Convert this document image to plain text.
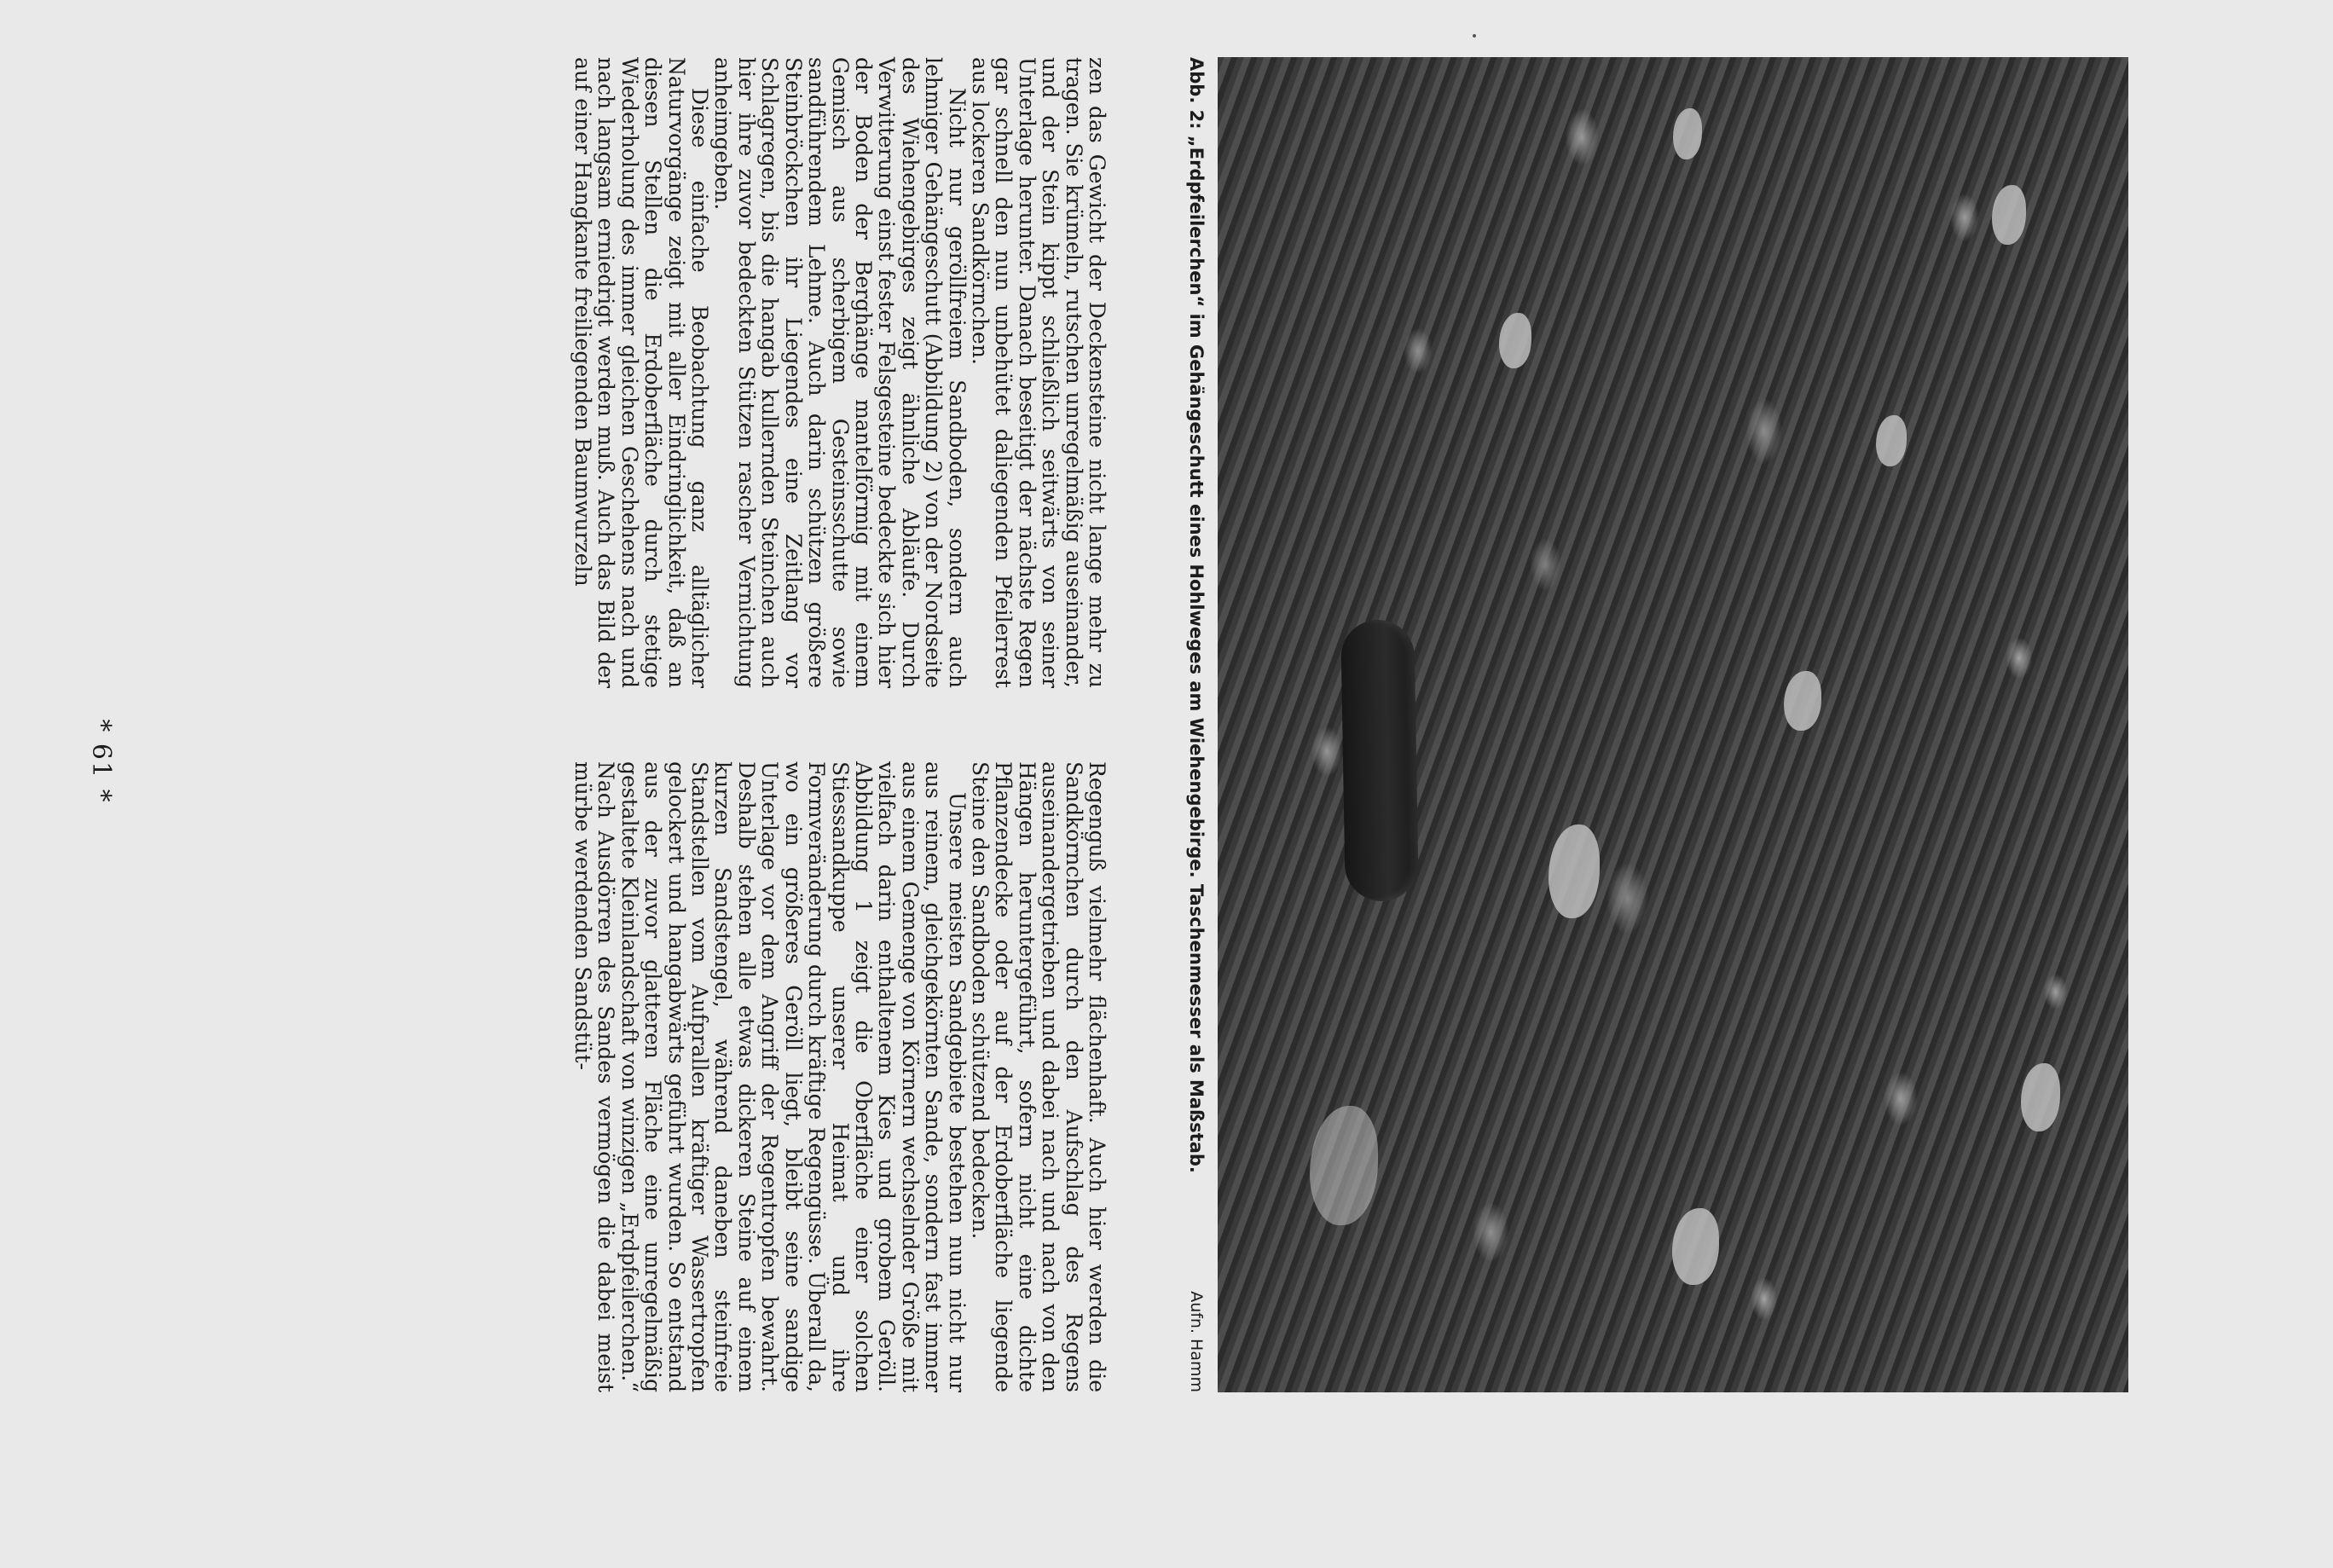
Abb. 2: „Erdpfeilerchen“ im Gehängeschutt eines Hohlweges am Wiehengebirge. Taschenmesser als Maßstab.
Aufn. Hamm

zen das Gewicht der Deckensteine nicht lange mehr zu tragen. Sie krümeln, rutschen unregelmäßig auseinander, und der Stein kippt schließlich seitwärts von seiner Unterlage herunter. Danach beseitigt der nächste Regen gar schnell den nun unbehütet daliegenden Pfeilerrest aus lockeren Sandkörnchen.

Nicht nur geröllfreiem Sandboden, sondern auch lehmiger Gehängeschutt (Abbildung 2) von der Nordseite des Wiehengebirges zeigt ähnliche Abläufe. Durch Verwitterung einst fester Felsgesteine bedeckte sich hier der Boden der Berghänge mantelförmig mit einem Gemisch aus scherbigem Gesteinsschutte sowie sandführendem Lehme. Auch darin schützen größere Steinbröckchen ihr Liegendes eine Zeitlang vor Schlagregen, bis die hangab kullernden Steinchen auch hier ihre zuvor bedeckten Stützen rascher Vernichtung anheimgeben.

Diese einfache Beobachtung ganz alltäglicher Naturvorgänge zeigt mit aller Eindringlichkeit, daß an diesen Stellen die Erdoberfläche durch stetige Wiederholung des immer gleichen Geschehens nach und nach langsam erniedrigt werden muß. Auch das Bild der auf einer Hangkante freiliegenden Baumwurzeln

Regenguß vielmehr flächenhaft. Auch hier werden die Sandkörnchen durch den Aufschlag des Regens auseinandergetrieben und dabei nach und nach von den Hängen heruntergeführt, sofern nicht eine dichte Pflanzendecke oder auf der Erdoberfläche liegende Steine den Sandboden schützend bedecken.

Unsere meisten Sandgebiete bestehen nun nicht nur aus reinem, gleichgekörnten Sande, sondern fast immer aus einem Gemenge von Körnern wechselnder Größe mit vielfach darin enthaltenem Kies und grobem Geröll. Abbildung 1 zeigt die Oberfläche einer solchen Stiessandkuppe unserer Heimat und ihre Formveränderung durch kräftige Regengüsse. Überall da, wo ein größeres Geröll liegt, bleibt seine sandige Unterlage vor dem Angriff der Regentropfen bewahrt. Deshalb stehen alle etwas dickeren Steine auf einem kurzen Sandstengel, während daneben steinfreie Standstellen vom Aufprallen kräftiger Wassertropfen gelockert und hangabwärts geführt wurden. So entstand aus der zuvor glatteren Fläche eine unregelmäßig gestaltete Kleinlandschaft von winzigen „Erdpfeilerchen.“ Nach Ausdörren des Sandes vermögen die dabei meist mürbe werdenden Sandstüt-

* 61 *
